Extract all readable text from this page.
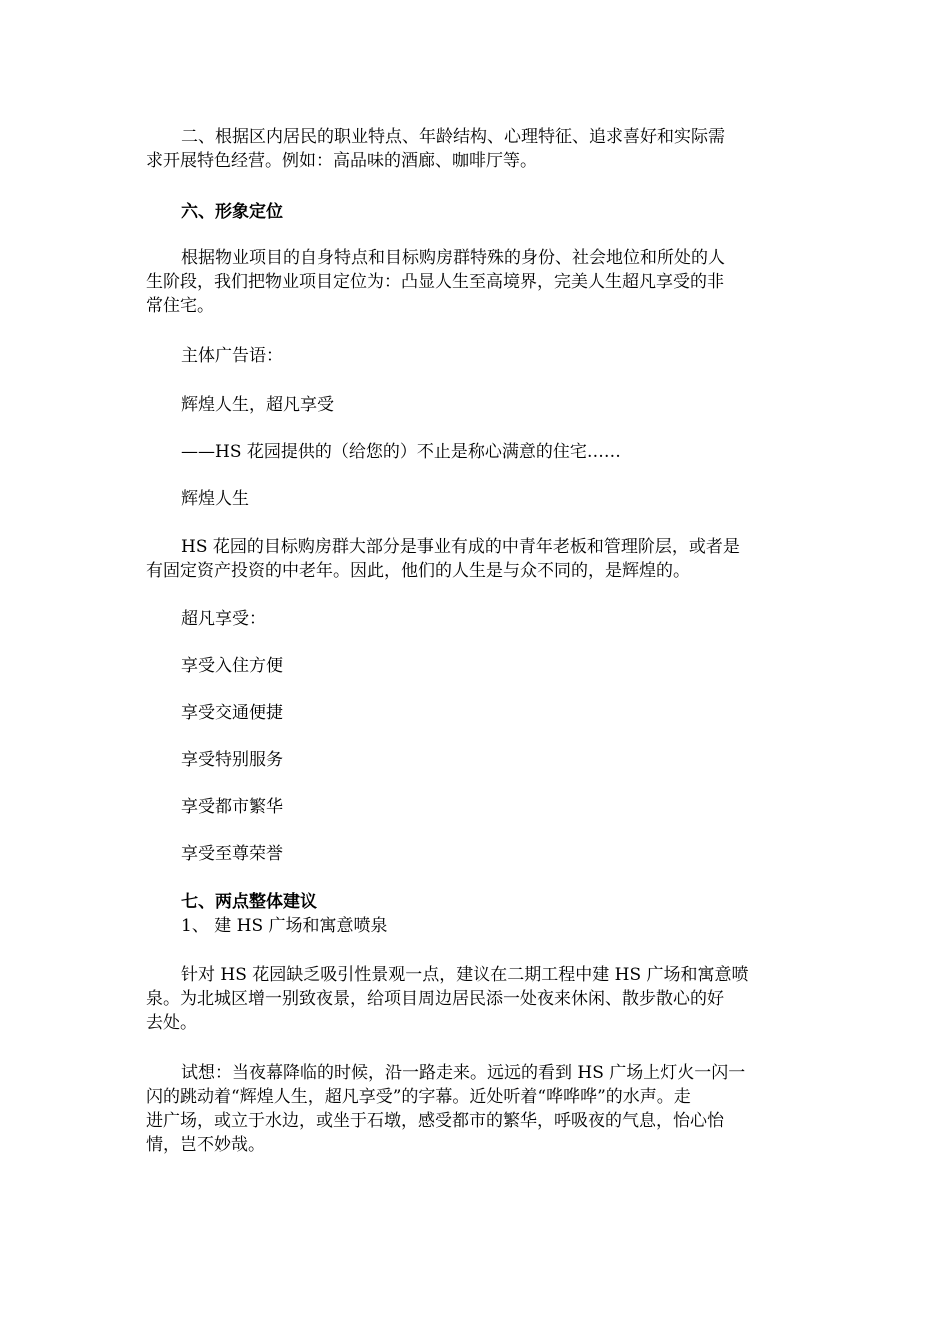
二、根据区内居民的职业特点、年龄结构、心理特征、追求喜好和实际需
求开展特色经营。例如：高品味的酒廊、咖啡厅等。
六、形象定位
根据物业项目的自身特点和目标购房群特殊的身份、社会地位和所处的人
生阶段，我们把物业项目定位为：凸显人生至高境界，完美人生超凡享受的非
常住宅。
主体广告语：
辉煌人生，超凡享受
——HS 花园提供的（给您的）不止是称心满意的住宅……
辉煌人生
HS 花园的目标购房群大部分是事业有成的中青年老板和管理阶层，或者是
有固定资产投资的中老年。因此，他们的人生是与众不同的，是辉煌的。
超凡享受：
享受入住方便
享受交通便捷
享受特别服务
享受都市繁华
享受至尊荣誉
七、两点整体建议
1、 建 HS 广场和寓意喷泉
针对 HS 花园缺乏吸引性景观一点，建议在二期工程中建 HS 广场和寓意喷
泉。为北城区增一别致夜景，给项目周边居民添一处夜来休闲、散步散心的好
去处。
试想：当夜幕降临的时候，沿一路走来。远远的看到 HS 广场上灯火一闪一
闪的跳动着“辉煌人生，超凡享受”的字幕。近处听着“哗哗哗”的水声。走
进广场，或立于水边，或坐于石墩，感受都市的繁华，呼吸夜的气息，怡心怡
情，岂不妙哉。
